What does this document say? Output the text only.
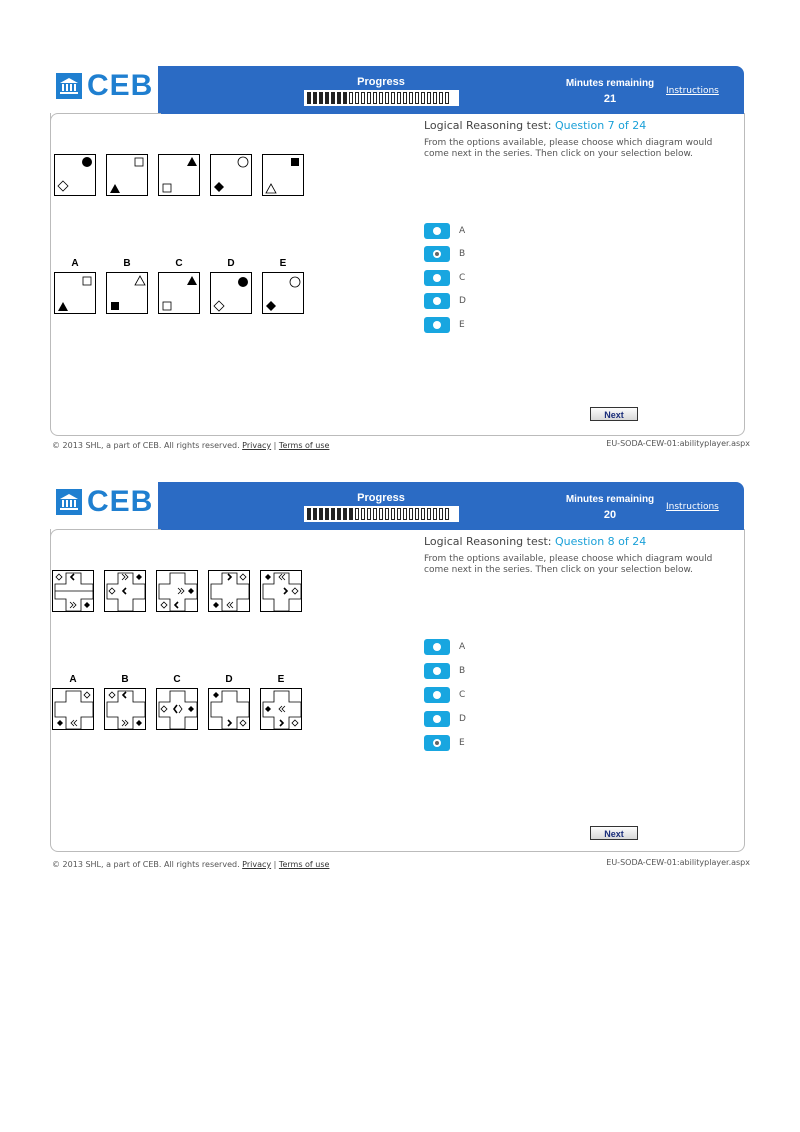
CEB	Progress	Minutes remaining
21
Instructions
Logical Reasoning test: Question 7 of 24
From the options available, please choose which diagram would come next in the series. Then click on your selection below.
A	B	C	D	E
A
B
C
D
E
Next
© 2013 SHL, a part of CEB. All rights reserved. Privacy | Terms of use	EU-SODA-CEW-01:abilityplayer.aspx
CEB	Progress	Minutes remaining
20
Instructions
Logical Reasoning test: Question 8 of 24
From the options available, please choose which diagram would come next in the series. Then click on your selection below.
A	B	C	D	E
A
B
C
D
E
Next
© 2013 SHL, a part of CEB. All rights reserved. Privacy | Terms of use	EU-SODA-CEW-01:abilityplayer.aspx
